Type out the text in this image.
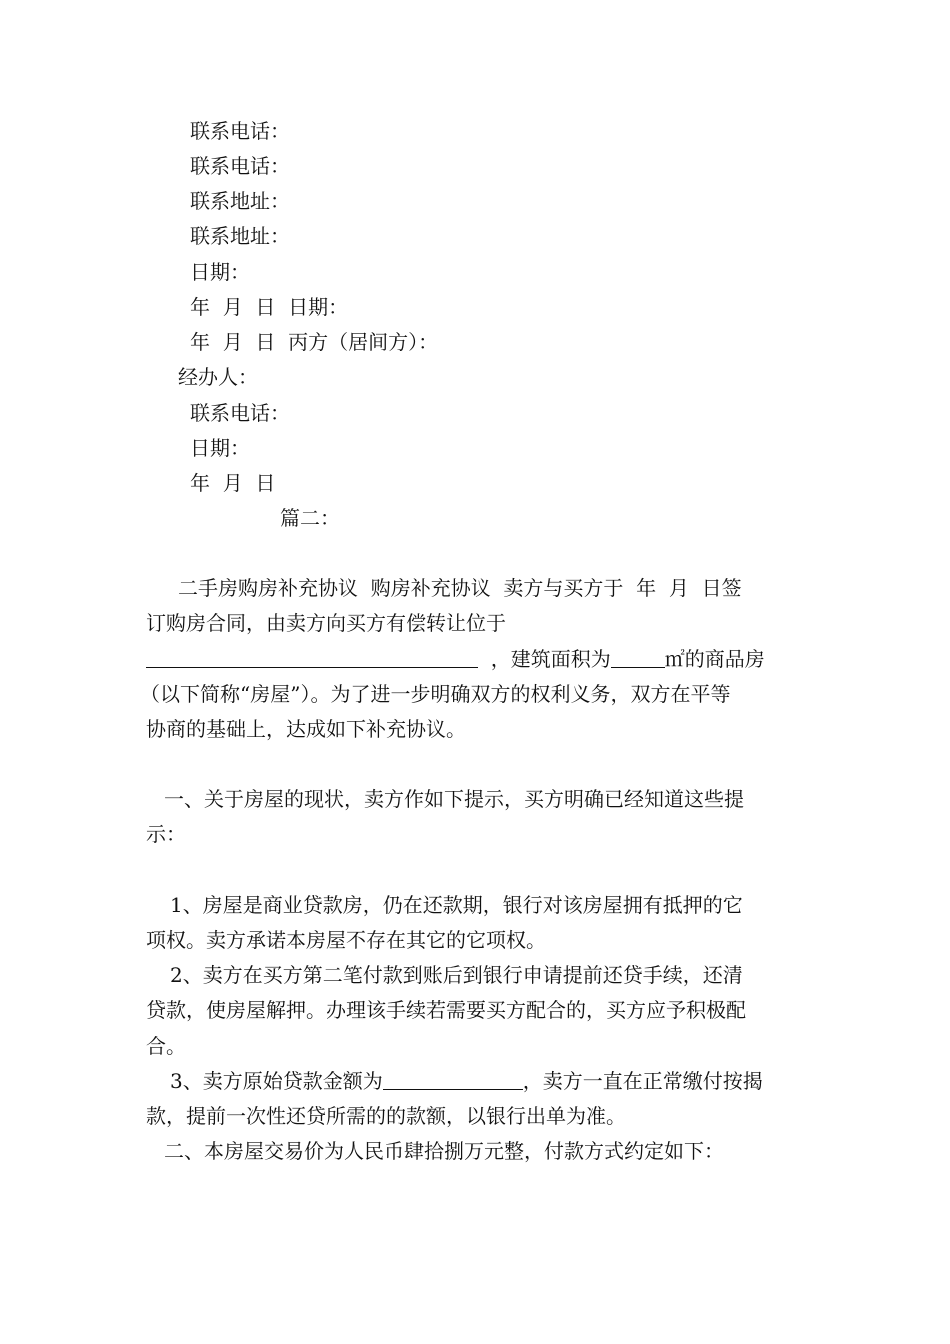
联系电话：
联系电话：
联系地址：
联系地址：
日期：
年  月  日  日期：
年  月  日  丙方（居间方）：
经办人：
联系电话：
日期：
年  月  日
篇二：
二手房购房补充协议  购房补充协议  卖方与买方于  年  月  日签
订购房合同，由卖方向买方有偿转让位于
，建筑面积为	㎡的商品房
（以下简称“房屋”）。为了进一步明确双方的权利义务，双方在平等
协商的基础上，达成如下补充协议。
一、关于房屋的现状，卖方作如下提示，买方明确已经知道这些提
示：
1、房屋是商业贷款房，仍在还款期，银行对该房屋拥有抵押的它
项权。卖方承诺本房屋不存在其它的它项权。
2、卖方在买方第二笔付款到账后到银行申请提前还贷手续，还清
贷款，使房屋解押。办理该手续若需要买方配合的，买方应予积极配
合。
3、卖方原始贷款金额为	，卖方一直在正常缴付按揭
款，提前一次性还贷所需的的款额，以银行出单为准。
二、本房屋交易价为人民币肆拾捌万元整，付款方式约定如下：
